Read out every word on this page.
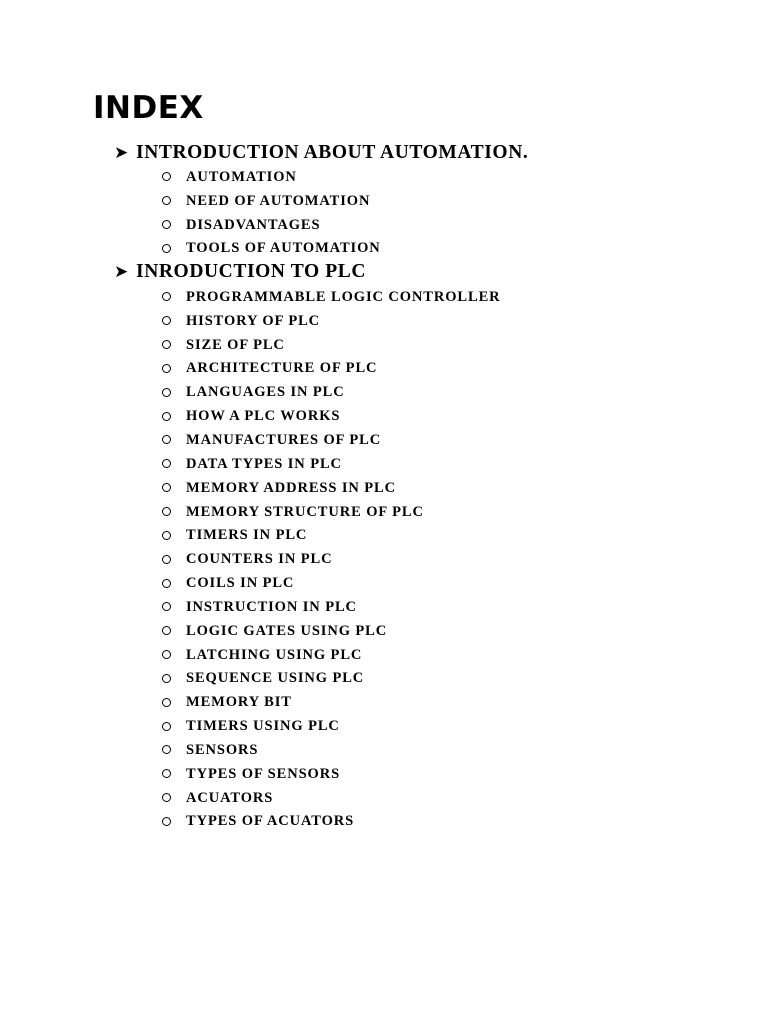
INDEX
➤ INTRODUCTION ABOUT AUTOMATION.
AUTOMATION
NEED OF AUTOMATION
DISADVANTAGES
TOOLS OF AUTOMATION
➤ INRODUCTION TO PLC
PROGRAMMABLE LOGIC CONTROLLER
HISTORY OF PLC
SIZE OF PLC
ARCHITECTURE OF PLC
LANGUAGES IN PLC
HOW A PLC WORKS
MANUFACTURES OF PLC
DATA TYPES IN PLC
MEMORY ADDRESS IN PLC
MEMORY STRUCTURE OF PLC
TIMERS IN PLC
COUNTERS IN PLC
COILS IN PLC
INSTRUCTION IN PLC
LOGIC GATES USING PLC
LATCHING USING PLC
SEQUENCE USING PLC
MEMORY BIT
TIMERS USING PLC
SENSORS
TYPES OF SENSORS
ACUATORS
TYPES OF ACUATORS
